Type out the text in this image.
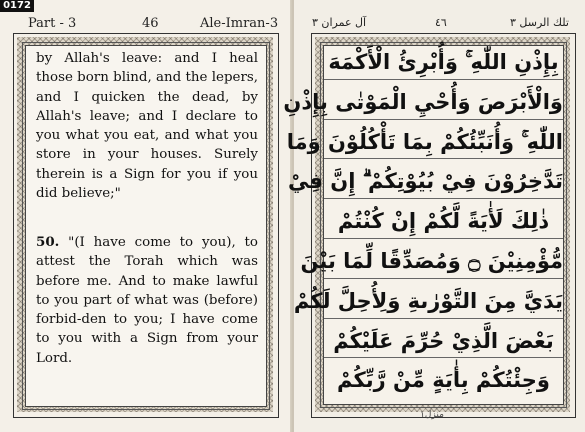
by Allah's leave: and I heal those born blind, and the lepers, and I quicken the dead, by Allah's leave; and I declare to you what you eat, and what you store in your houses. Surely therein is a Sign for you if you did believe;"
50. "(I have come to you), to attest the Torah which was before me. And to make lawful to you part of what was (before) forbid-den to you; I have come to you with a Sign from your Lord.
بِإِذْنِ اللّٰهِ ۚ وَأُبْرِئُ الْأَكْمَهَ
وَالْأَبْرَصَ وَأُحْيِ الْمَوْتٰى بِإِذْنِ
اللّٰهِ ۚ وَأُنَبِّئُكُمْ بِمَا تَأْكُلُوْنَ وَمَا
تَدَّخِرُوْنَ فِيْ بُيُوْتِكُمْ ۗ إِنَّ فِيْ
ذٰلِكَ لَأٰيَةً لَّكُمْ إِنْ كُنْتُمْ
مُّؤْمِنِيْنَ ۝ وَمُصَدِّقًا لِّمَا بَيْنَ
يَدَيَّ مِنَ التَّوْرٰىةِ وَلِأُحِلَّ لَكُمْ
بَعْضَ الَّذِيْ حُرِّمَ عَلَيْكُمْ
وَجِئْتُكُمْ بِأٰيَةٍ مِّنْ رَّبِّكُمْ
0172
Part - 3	46	Ale-Imran-3	آل عمران ٣	٤٦	تلك الرسل ٣
منزل١
